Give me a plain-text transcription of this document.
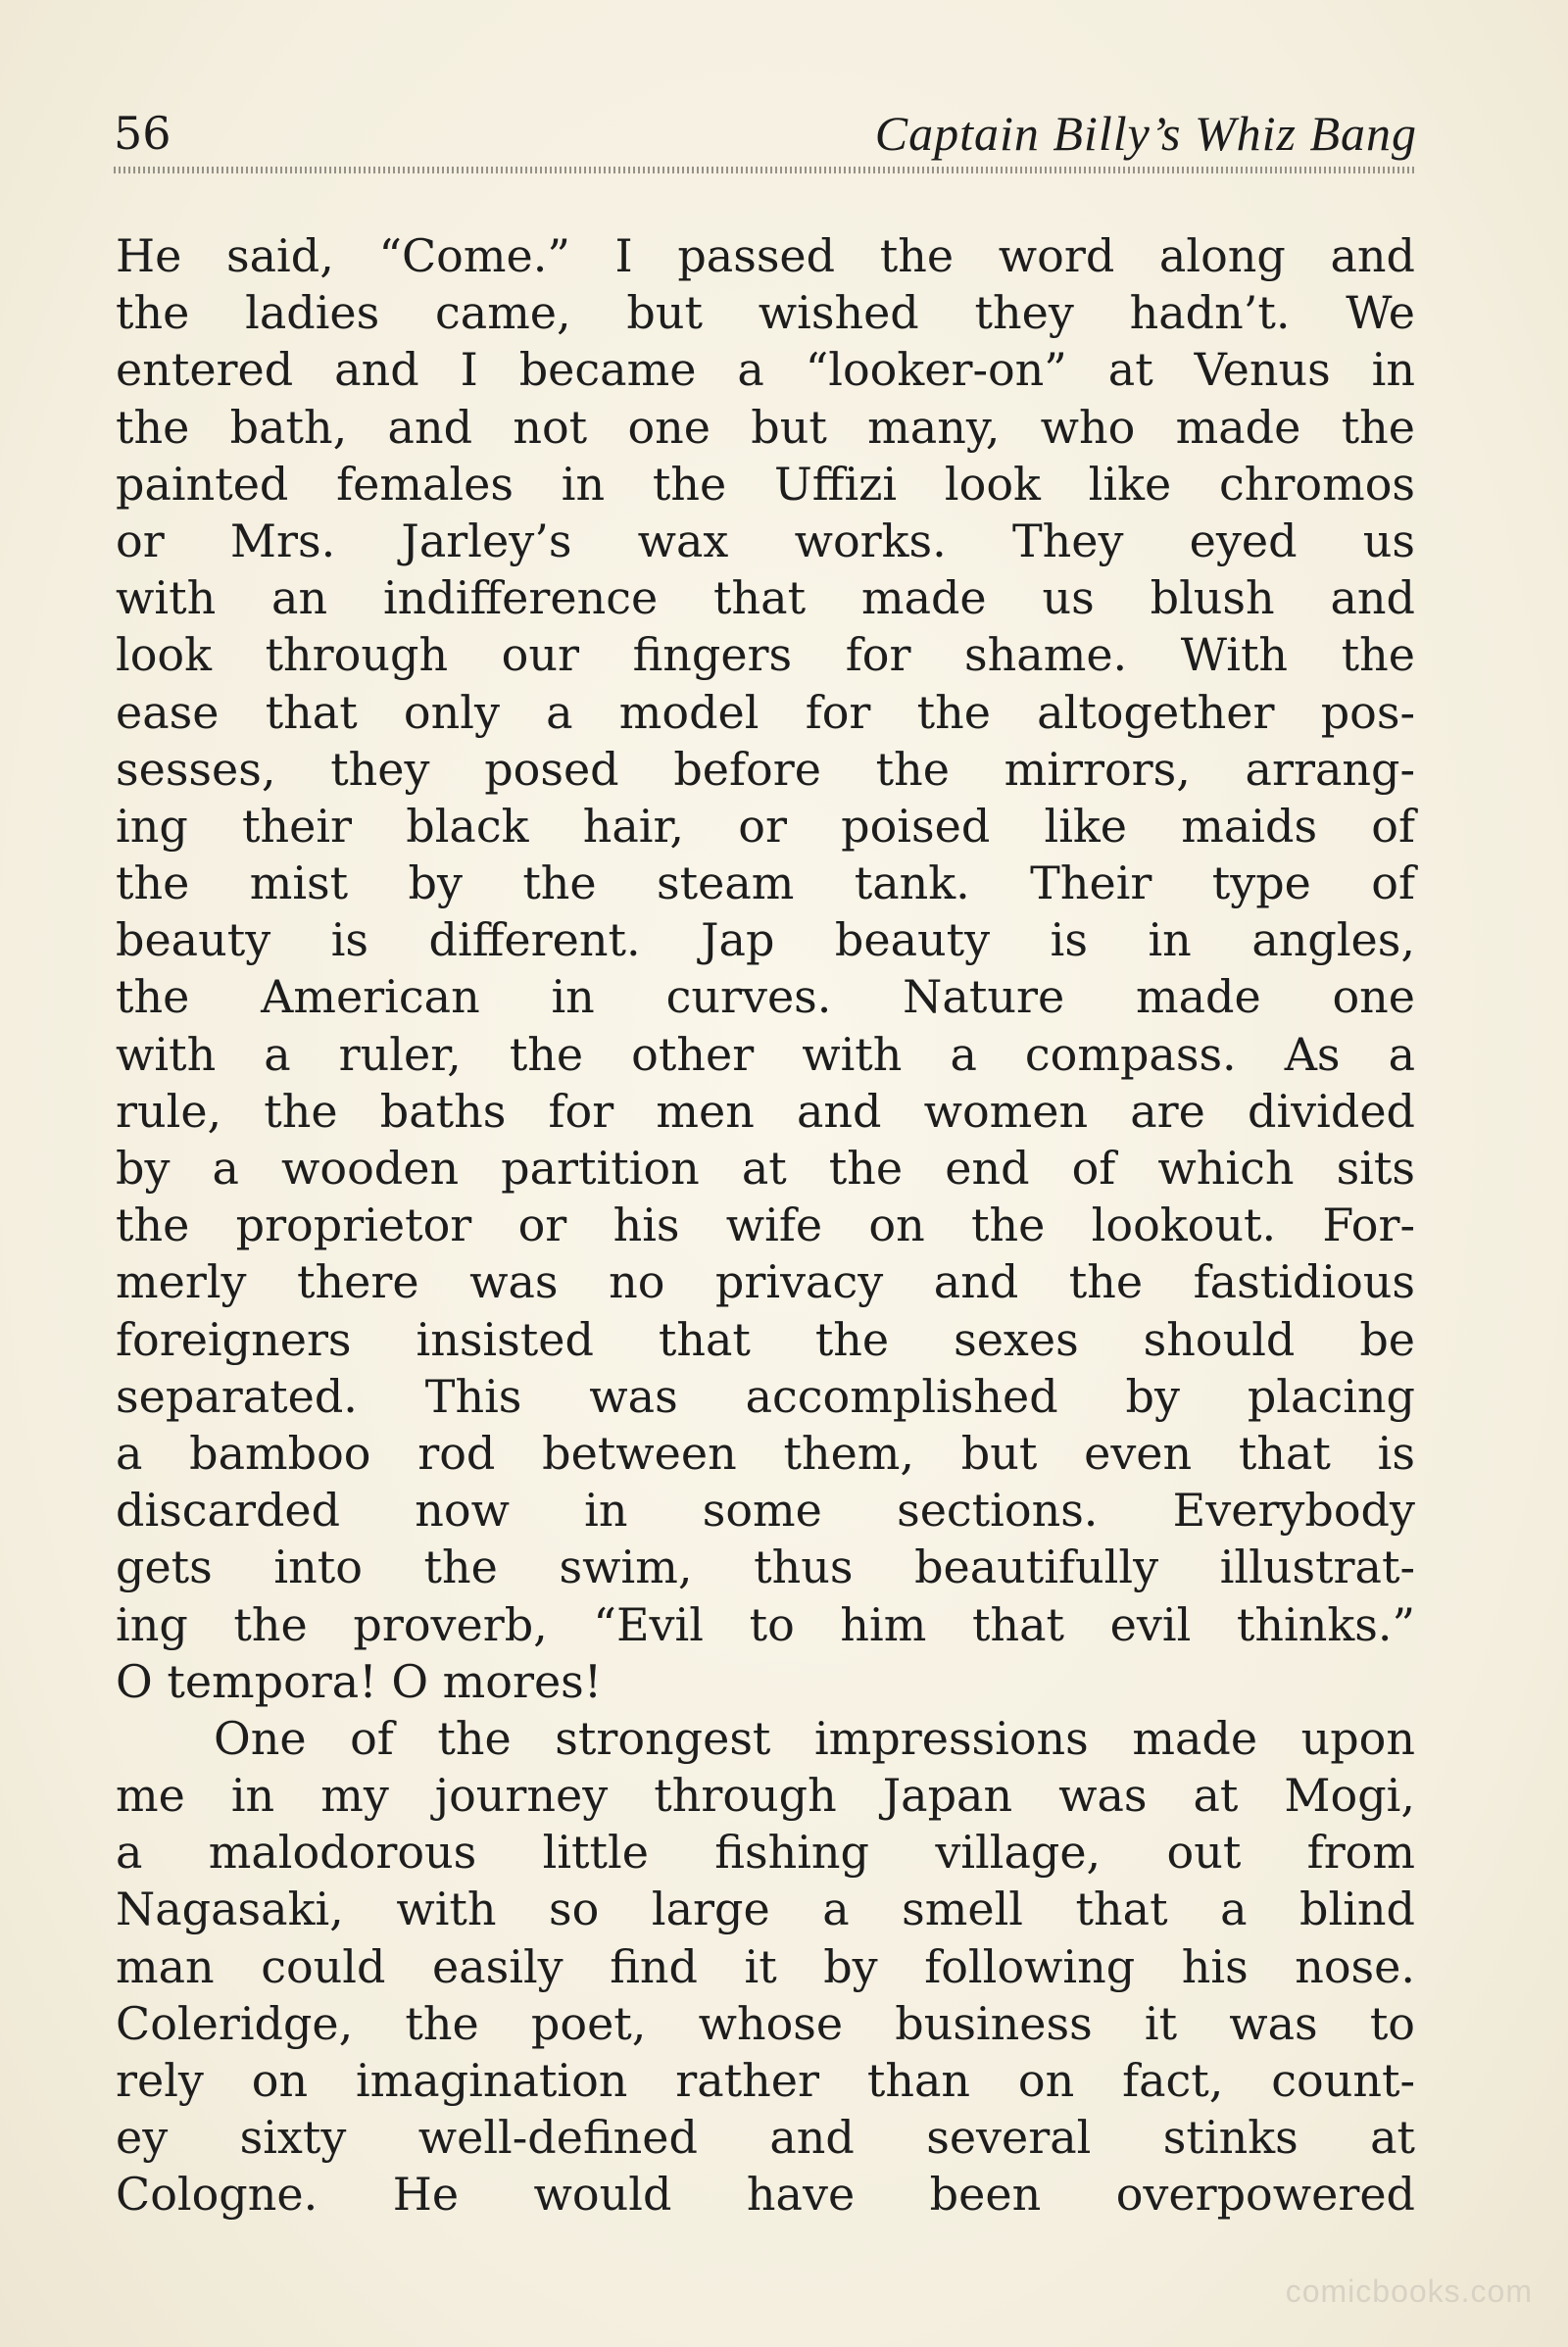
56	Captain Billy’s Whiz Bang
He said, “Come.” I passed the word along and
the ladies came, but wished they hadn’t. We
entered and I became a “looker-on” at Venus in
the bath, and not one but many, who made the
painted females in the Uffizi look like chromos
or Mrs. Jarley’s wax works. They eyed us
with an indifference that made us blush and
look through our fingers for shame. With the
ease that only a model for the altogether pos-
sesses, they posed before the mirrors, arrang-
ing their black hair, or poised like maids of
the mist by the steam tank. Their type of
beauty is different. Jap beauty is in angles,
the American in curves. Nature made one
with a ruler, the other with a compass. As a
rule, the baths for men and women are divided
by a wooden partition at the end of which sits
the proprietor or his wife on the lookout. For-
merly there was no privacy and the fastidious
foreigners insisted that the sexes should be
separated. This was accomplished by placing
a bamboo rod between them, but even that is
discarded now in some sections. Everybody
gets into the swim, thus beautifully illustrat-
ing the proverb, “Evil to him that evil thinks.”
O tempora! O mores!
One of the strongest impressions made upon
me in my journey through Japan was at Mogi,
a malodorous little fishing village, out from
Nagasaki, with so large a smell that a blind
man could easily find it by following his nose.
Coleridge, the poet, whose business it was to
rely on imagination rather than on fact, count-
ey sixty well-defined and several stinks at
Cologne. He would have been overpowered
comicbooks.com
